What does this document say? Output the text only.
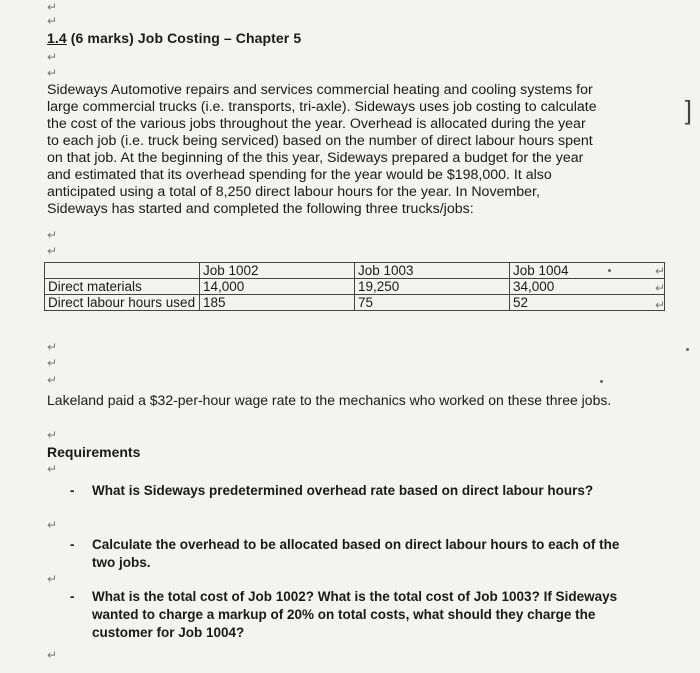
↵
↵
1.4 (6 marks) Job Costing – Chapter 5
↵
↵
Sideways Automotive repairs and services commercial heating and cooling systems for
large commercial trucks (i.e. transports, tri-axle). Sideways uses job costing to calculate
the cost of the various jobs throughout the year. Overhead is allocated during the year
to each job (i.e. truck being serviced) based on the number of direct labour hours spent
on that job. At the beginning of the this year, Sideways prepared a budget for the year
and estimated that its overhead spending for the year would be $198,000. It also
anticipated using a total of 8,250 direct labour hours for the year. In November,
Sideways has started and completed the following three trucks/jobs:
]
↵
↵
	Job 1002	Job 1003	Job 1004
Direct materials	14,000	19,250	34,000
Direct labour hours used	185	75	52
↵
↵
↵
↵
↵
↵
Lakeland paid a $32-per-hour wage rate to the mechanics who worked on these three jobs.
↵
Requirements
↵
- What is Sideways predetermined overhead rate based on direct labour hours?
↵
- Calculate the overhead to be allocated based on direct labour hours to each of the two jobs.
↵
- What is the total cost of Job 1002? What is the total cost of Job 1003? If Sideways wanted to charge a markup of 20% on total costs, what should they charge the customer for Job 1004?
↵
